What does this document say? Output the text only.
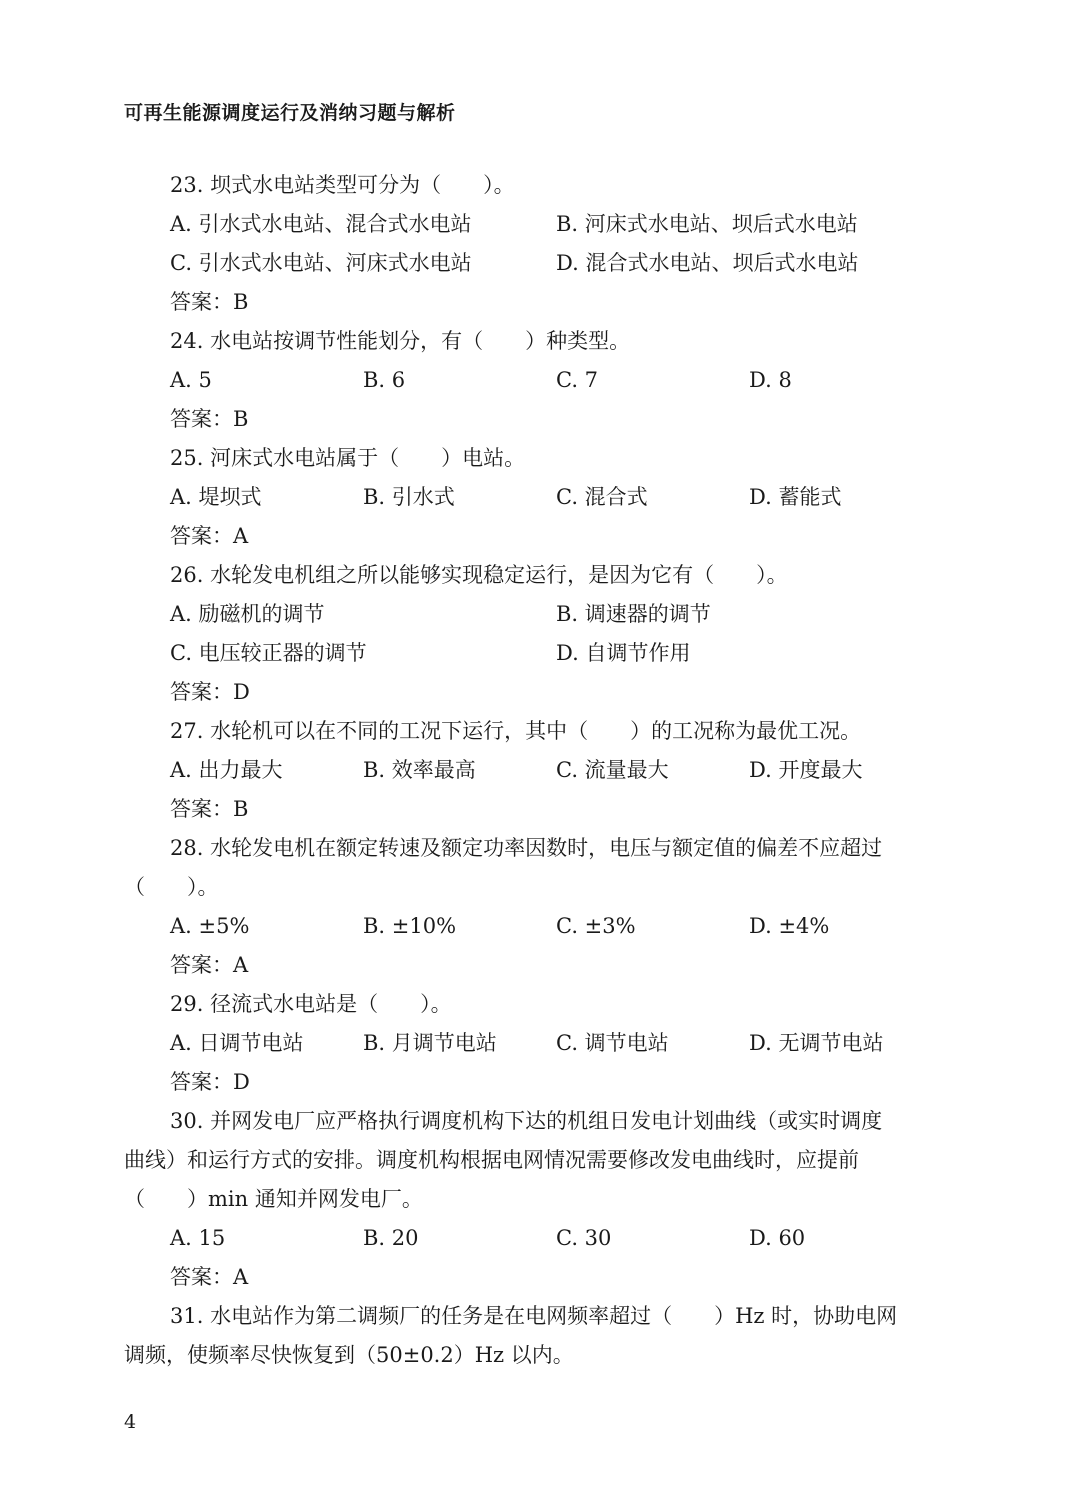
可再生能源调度运行及消纳习题与解析
23. 坝式水电站类型可分为（　　）。
A. 引水式水电站、混合式水电站	B. 河床式水电站、坝后式水电站
C. 引水式水电站、河床式水电站	D. 混合式水电站、坝后式水电站
答案：B
24. 水电站按调节性能划分，有（　　）种类型。
A. 5	B. 6	C. 7	D. 8
答案：B
25. 河床式水电站属于（　　）电站。
A. 堤坝式	B. 引水式	C. 混合式	D. 蓄能式
答案：A
26. 水轮发电机组之所以能够实现稳定运行，是因为它有（　　）。
A. 励磁机的调节	B. 调速器的调节
C. 电压较正器的调节	D. 自调节作用
答案：D
27. 水轮机可以在不同的工况下运行，其中（　　）的工况称为最优工况。
A. 出力最大	B. 效率最高	C. 流量最大	D. 开度最大
答案：B
28. 水轮发电机在额定转速及额定功率因数时，电压与额定值的偏差不应超过
（　　）。
A. ±5%	B. ±10%	C. ±3%	D. ±4%
答案：A
29. 径流式水电站是（　　）。
A. 日调节电站	B. 月调节电站	C. 调节电站	D. 无调节电站
答案：D
30. 并网发电厂应严格执行调度机构下达的机组日发电计划曲线（或实时调度
曲线）和运行方式的安排。调度机构根据电网情况需要修改发电曲线时，应提前
（　　）min 通知并网发电厂。
A. 15	B. 20	C. 30	D. 60
答案：A
31. 水电站作为第二调频厂的任务是在电网频率超过（　　）Hz 时，协助电网
调频，使频率尽快恢复到（50±0.2）Hz 以内。
4
